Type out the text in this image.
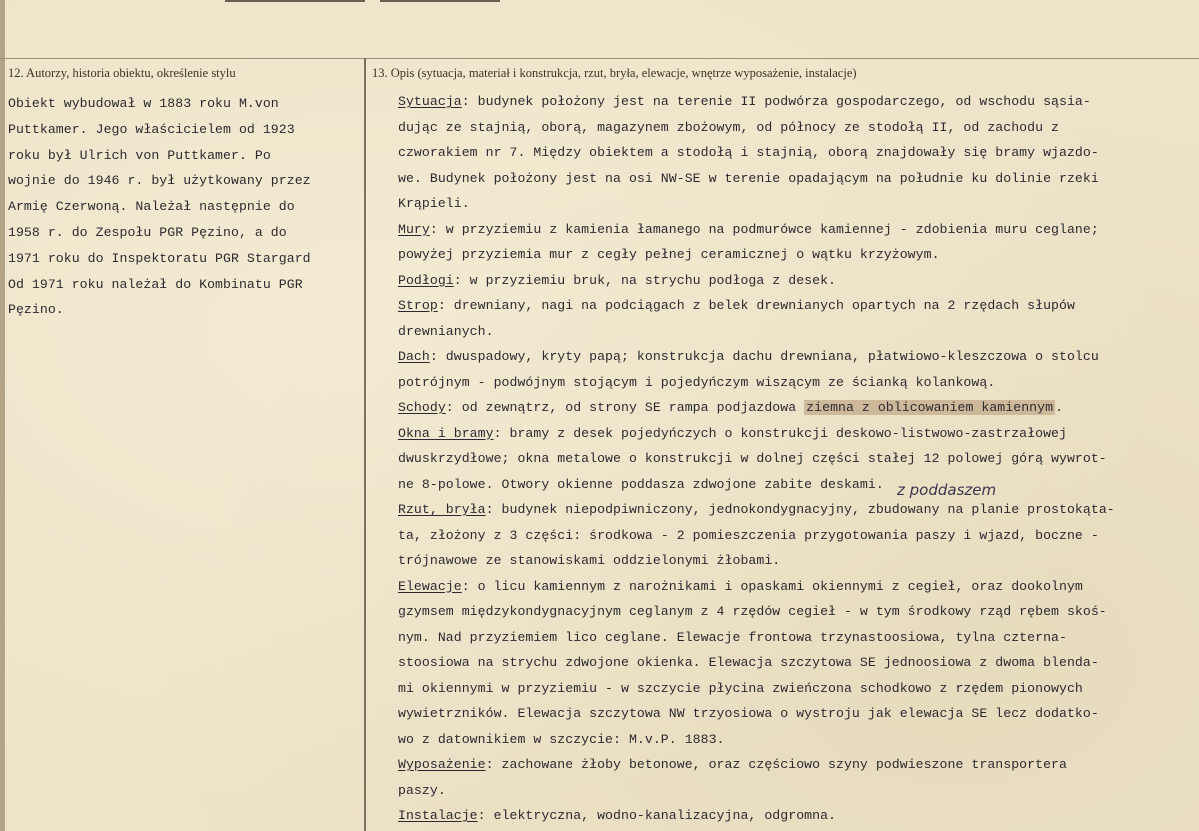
12. Autorzy, historia obiektu, określenie stylu	13. Opis (sytuacja, materiał i konstrukcja, rzut, bryła, elewacje, wnętrze wyposażenie, instalacje)
Obiekt wybudował w 1883 roku M.von
Puttkamer. Jego właścicielem od 1923
roku był Ulrich von Puttkamer. Po
wojnie do 1946 r. był użytkowany przez
Armię Czerwoną. Należał następnie do
1958 r. do Zespołu PGR Pęzino, a do
1971 roku do Inspektoratu PGR Stargard
Od 1971 roku należał do Kombinatu PGR
Pęzino.
Sytuacja: budynek położony jest na terenie II podwórza gospodarczego, od wschodu sąsia-
dując ze stajnią, oborą, magazynem zbożowym, od północy ze stodołą II, od zachodu z
czworakiem nr 7. Między obiektem a stodołą i stajnią, oborą znajdowały się bramy wjazdo-
we. Budynek położony jest na osi NW-SE w terenie opadającym na południe ku dolinie rzeki
Krąpieli.
Mury: w przyziemiu z kamienia łamanego na podmurówce kamiennej - zdobienia muru ceglane;
powyżej przyziemia mur z cegły pełnej ceramicznej o wątku krzyżowym.
Podłogi: w przyziemiu bruk, na strychu podłoga z desek.
Strop: drewniany, nagi na podciągach z belek drewnianych opartych na 2 rzędach słupów
drewnianych.
Dach: dwuspadowy, kryty papą; konstrukcja dachu drewniana, płatwiowo-kleszczowa o stolcu
potrójnym - podwójnym stojącym i pojedyńczym wiszącym ze ścianką kolankową.
Schody: od zewnątrz, od strony SE rampa podjazdowa ziemna z oblicowaniem kamiennym .
Okna i bramy: bramy z desek pojedyńczych o konstrukcji deskowo-listwowo-zastrzałowej
dwuskrzydłowe; okna metalowe o konstrukcji w dolnej części stałej 12 polowej górą wywrot-
ne 8-polowe. Otwory okienne poddasza zdwojone zabite deskami.
Rzut, bryła: budynek niepodpiwniczony, jednokondygnacyjny, zbudowany na planie prostokąta-
ta, złożony z 3 części: środkowa - 2 pomieszczenia przygotowania paszy i wjazd, boczne -
trójnawowe ze stanowiskami oddzielonymi żłobami.
Elewacje: o licu kamiennym z narożnikami i opaskami okiennymi z cegieł, oraz dookolnym
gzymsem międzykondygnacyjnym ceglanym z 4 rzędów cegieł - w tym środkowy rząd rębem skoś-
nym. Nad przyziemiem lico ceglane. Elewacje frontowa trzynastoosiowa, tylna czterna-
stoosiowa na strychu zdwojone okienka. Elewacja szczytowa SE jednoosiowa z dwoma blenda-
mi okiennymi w przyziemiu - w szczycie płycina zwieńczona schodkowo z rzędem pionowych
wywietrzników. Elewacja szczytowa NW trzyosiowa o wystroju jak elewacja SE lecz dodatko-
wo z datownikiem w szczycie: M.v.P. 1883.
Wyposażenie: zachowane żłoby betonowe, oraz częściowo szyny podwieszone transportera
paszy.
Instalacje: elektryczna, wodno-kanalizacyjna, odgromna.
z poddaszem
